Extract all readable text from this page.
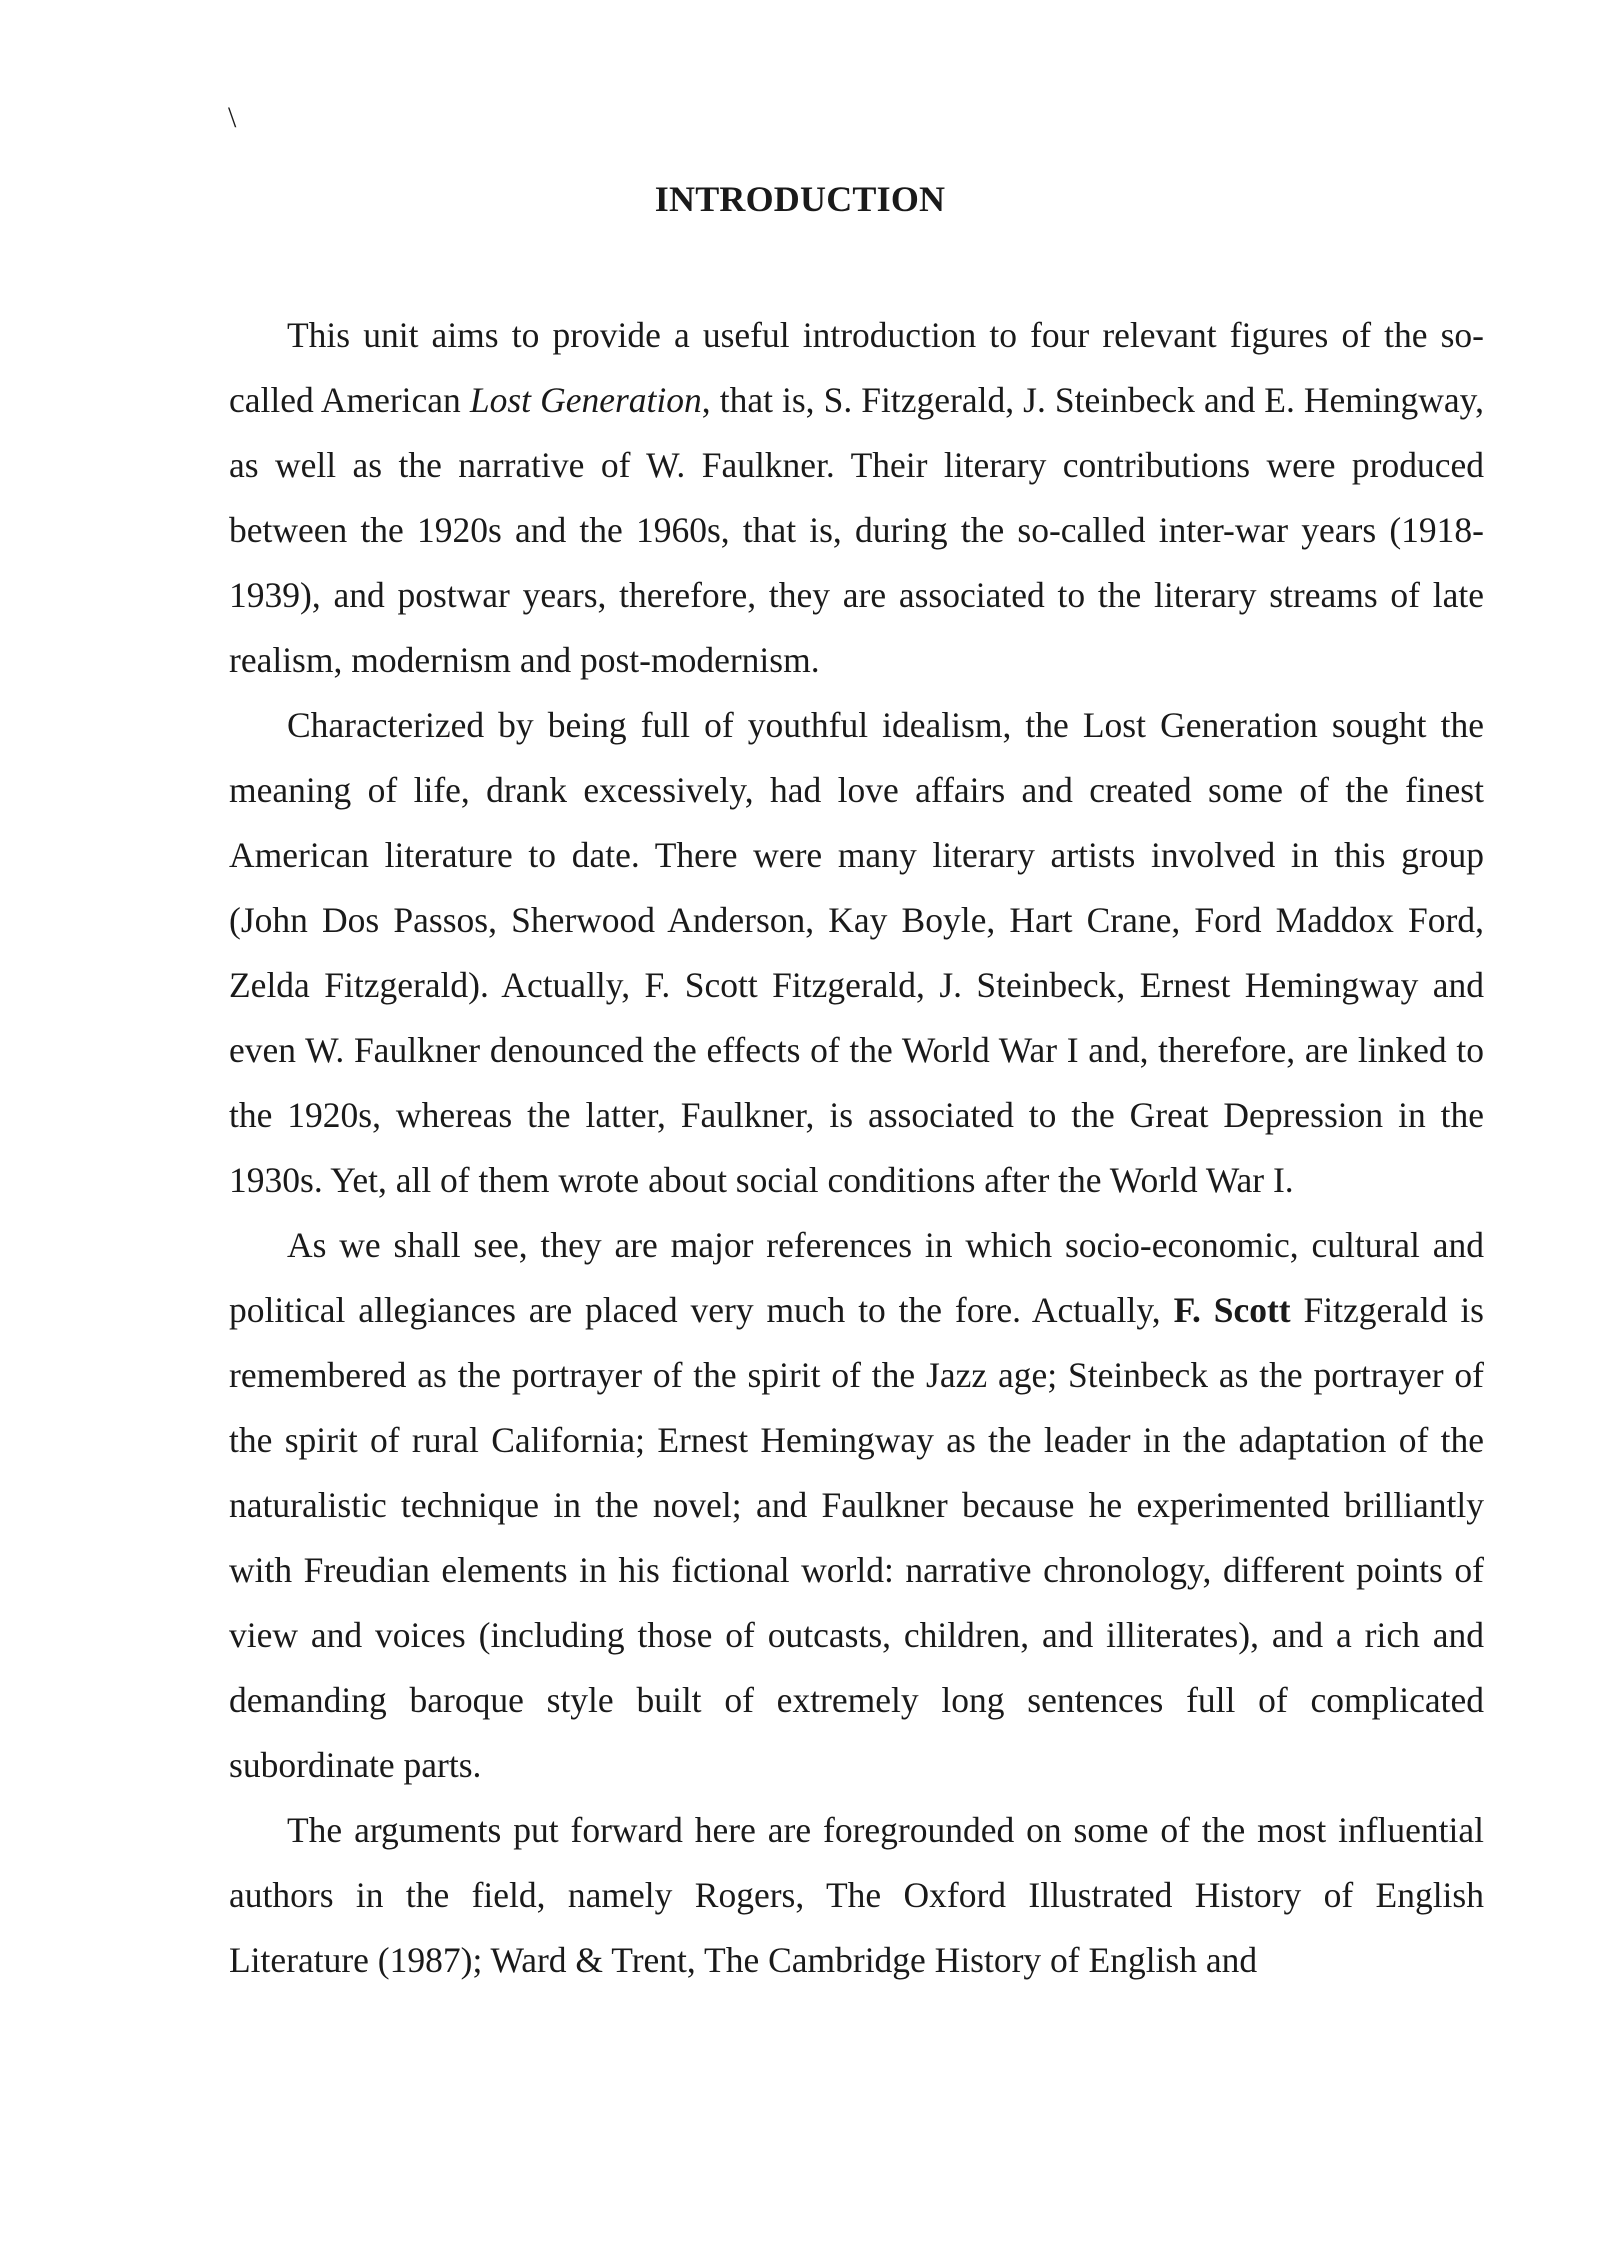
\
INTRODUCTION

This unit aims to provide a useful introduction to four relevant figures of the so-called American Lost Generation, that is, S. Fitzgerald, J. Steinbeck and E. Hemingway, as well as the narrative of W. Faulkner. Their literary contributions were produced between the 1920s and the 1960s, that is, during the so-called inter-war years (1918-1939), and postwar years, therefore, they are associated to the literary streams of late realism, modernism and post-modernism.

Characterized by being full of youthful idealism, the Lost Generation sought the meaning of life, drank excessively, had love affairs and created some of the finest American literature to date. There were many literary artists involved in this group (John Dos Passos, Sherwood Anderson, Kay Boyle, Hart Crane, Ford Maddox Ford, Zelda Fitzgerald). Actually, F. Scott Fitzgerald, J. Steinbeck, Ernest Hemingway and even W. Faulkner denounced the effects of the World War I and, therefore, are linked to the 1920s, whereas the latter, Faulkner, is associated to the Great Depression in the 1930s. Yet, all of them wrote about social conditions after the World War I.

As we shall see, they are major references in which socio-economic, cultural and political allegiances are placed very much to the fore. Actually, F. Scott Fitzgerald is remembered as the portrayer of the spirit of the Jazz age; Steinbeck as the portrayer of the spirit of rural California; Ernest Hemingway as the leader in the adaptation of the naturalistic technique in the novel; and Faulkner because he experimented brilliantly with Freudian elements in his fictional world: narrative chronology, different points of view and voices (including those of outcasts, children, and illiterates), and a rich and demanding baroque style built of extremely long sentences full of complicated subordinate parts.

The arguments put forward here are foregrounded on some of the most influential authors in the field, namely Rogers, The Oxford Illustrated History of English Literature (1987); Ward & Trent, The Cambridge History of English and
